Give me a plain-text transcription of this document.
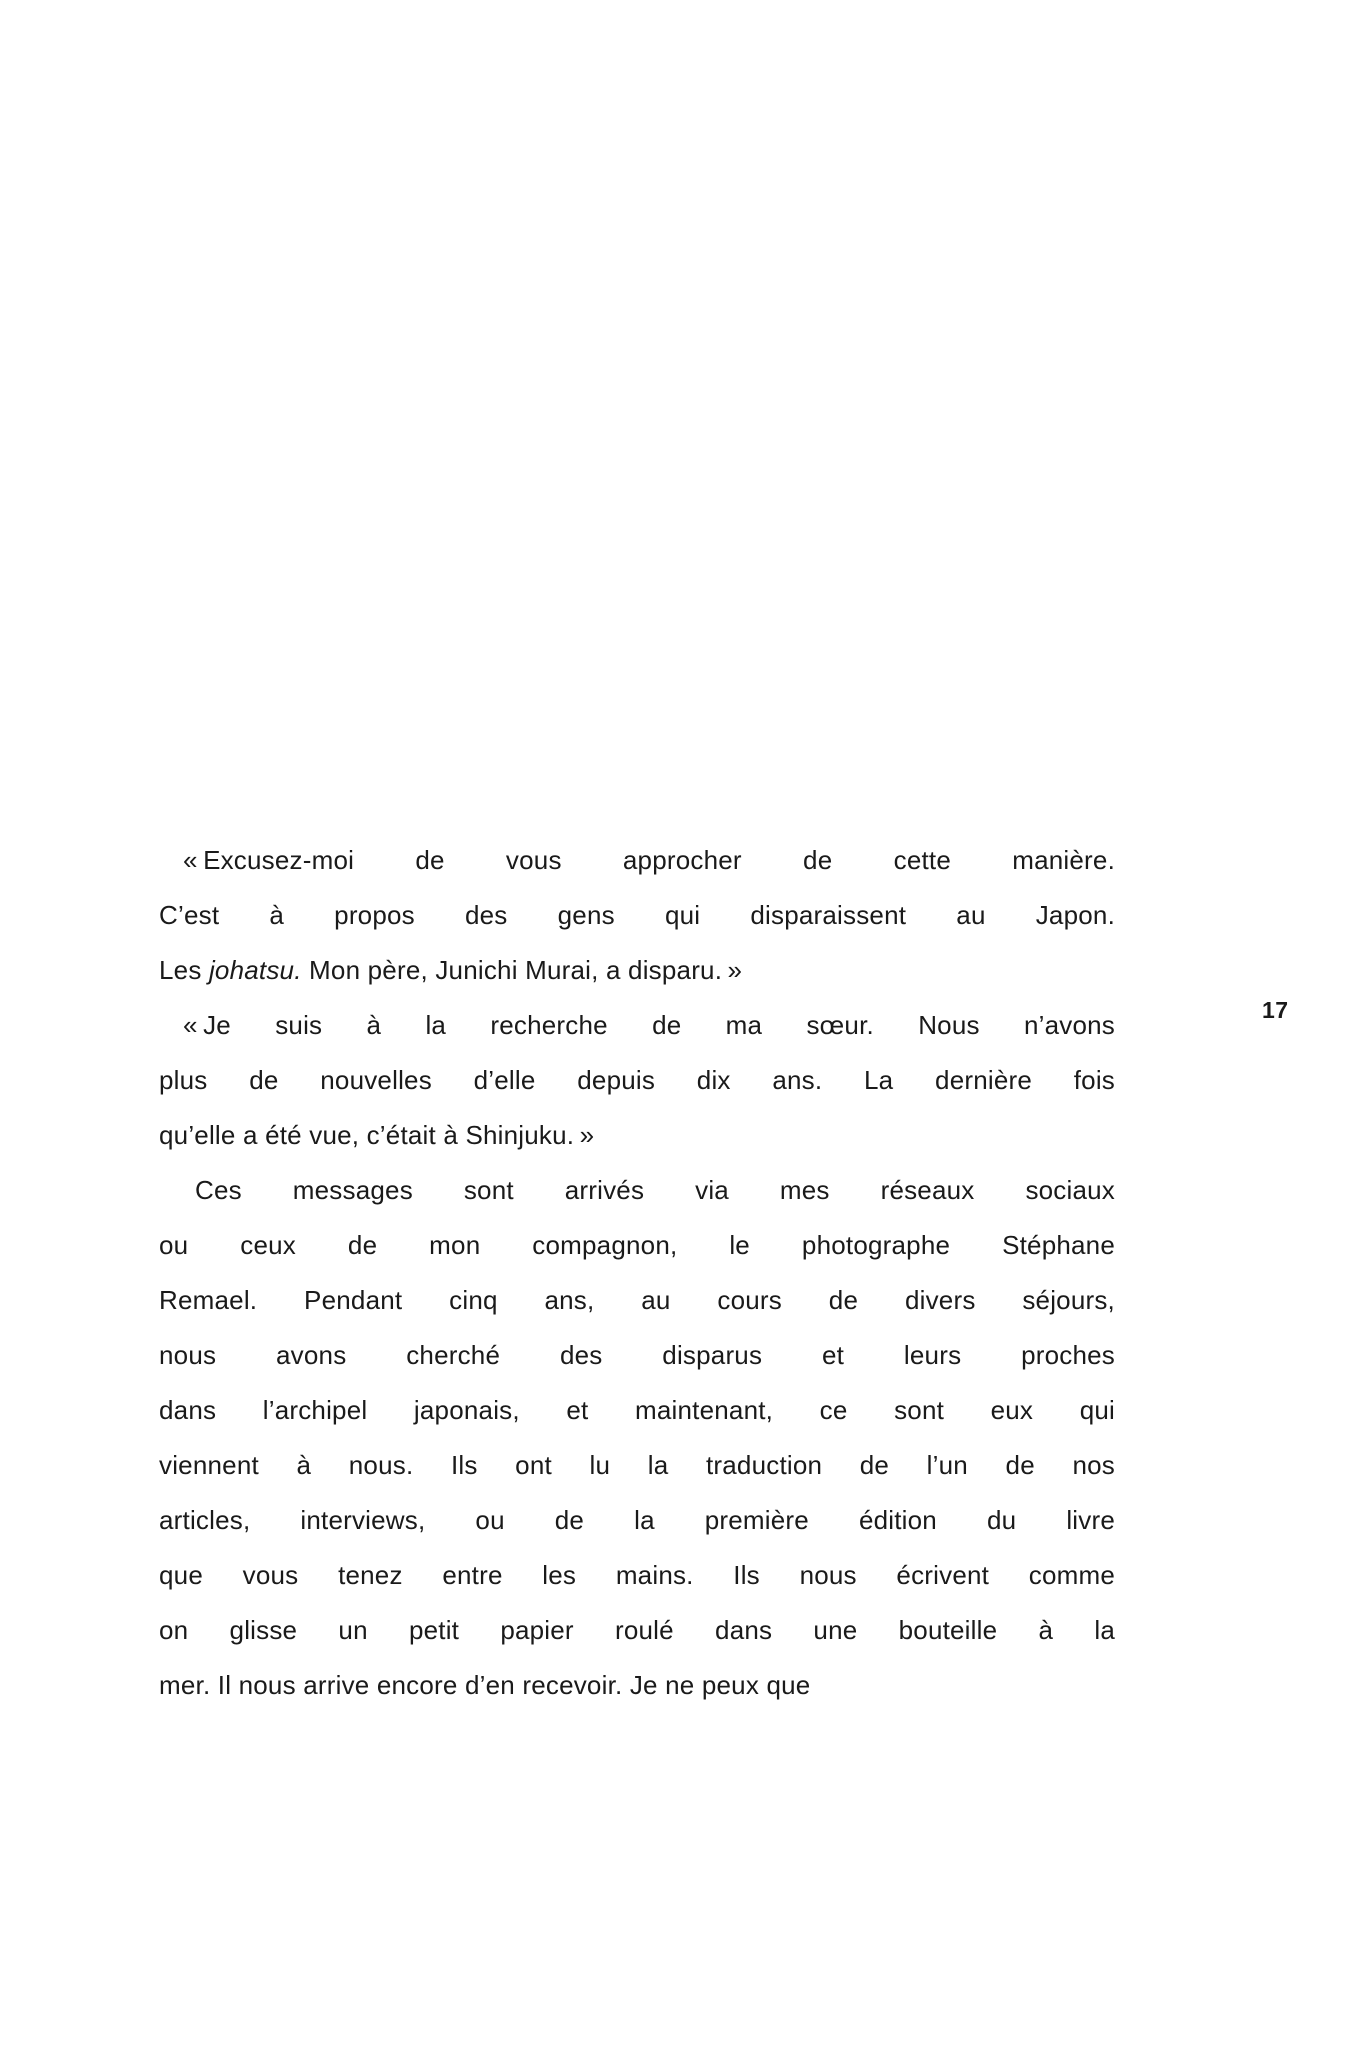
17
« Excusez-moi de vous approcher de cette manière.
C’est à propos des gens qui disparaissent au Japon.
Les johatsu. Mon père, Junichi Murai, a disparu. »
« Je suis à la recherche de ma sœur. Nous n’avons
plus de nouvelles d’elle depuis dix ans. La dernière fois
qu’elle a été vue, c’était à Shinjuku. »
Ces messages sont arrivés via mes réseaux sociaux
ou ceux de mon compagnon, le photographe Stéphane
Remael. Pendant cinq ans, au cours de divers séjours,
nous avons cherché des disparus et leurs proches
dans l’archipel japonais, et maintenant, ce sont eux qui
viennent à nous. Ils ont lu la traduction de l’un de nos
articles, interviews, ou de la première édition du livre
que vous tenez entre les mains. Ils nous écrivent comme
on glisse un petit papier roulé dans une bouteille à la
mer. Il nous arrive encore d’en recevoir. Je ne peux que
